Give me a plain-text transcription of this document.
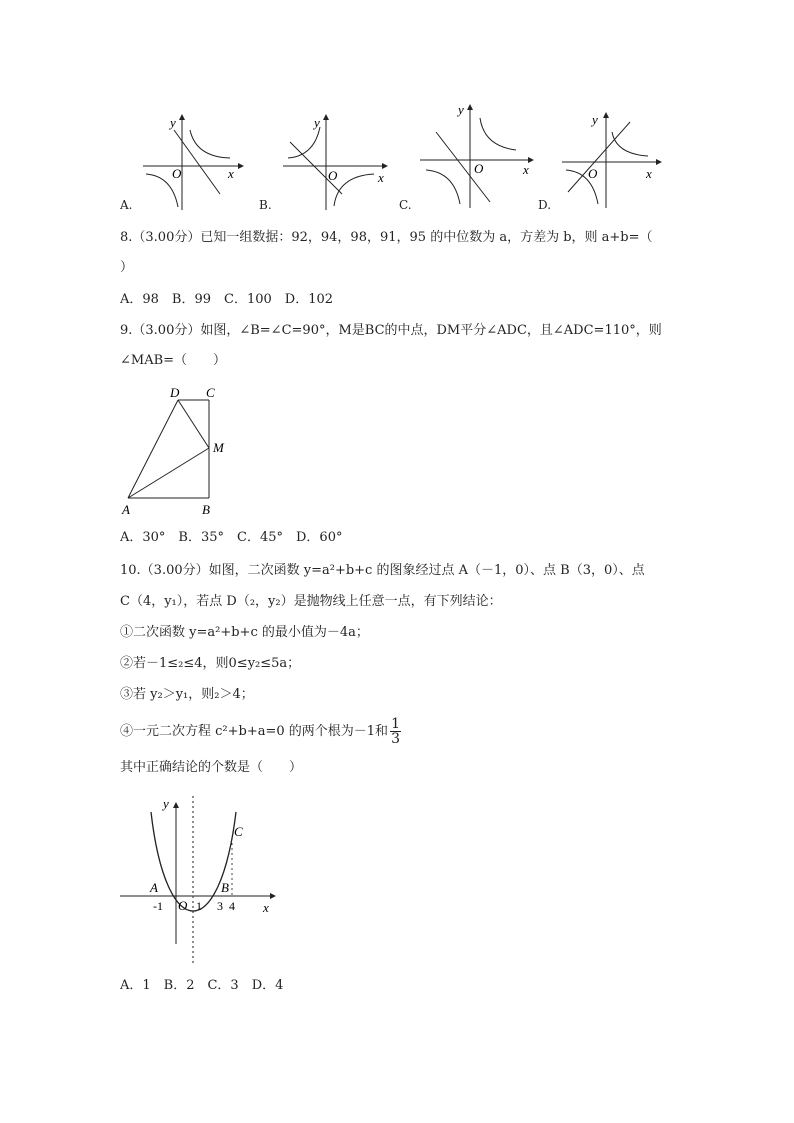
y
x
O
y
x
O
y
x
O
y
x
O
A.	B.	C.	D.
8.（3.00分）已知一组数据：92，94，98，91，95 的中位数为 a，方差为 b，则 a+b=（
）
A．98　B．99　C．100　D．102
9.（3.00分）如图，∠B=∠C=90°，M是BC的中点，DM平分∠ADC，且∠ADC=110°，则
∠MAB=（　　）
D C
M
A	B
A．30°　B．35°　C．45°　D．60°
10.（3.00分）如图，二次函数 y=a²+b+c 的图象经过点 A（－1，0）、点 B（3，0）、点
C（4，y₁），若点 D（₂，y₂）是抛物线上任意一点，有下列结论：
①二次函数 y=a²+b+c 的最小值为－4a；
②若－1≤₂≤4，则0≤y₂≤5a；
③若 y₂＞y₁，则₂＞4；
④一元二次方程 c²+b+a=0 的两个根为－1和 $\frac{1}{3}$
其中正确结论的个数是（　　）
y
x
C
A	B
O
-1	1 3 4
A．1　B．2　C．3　D．4
